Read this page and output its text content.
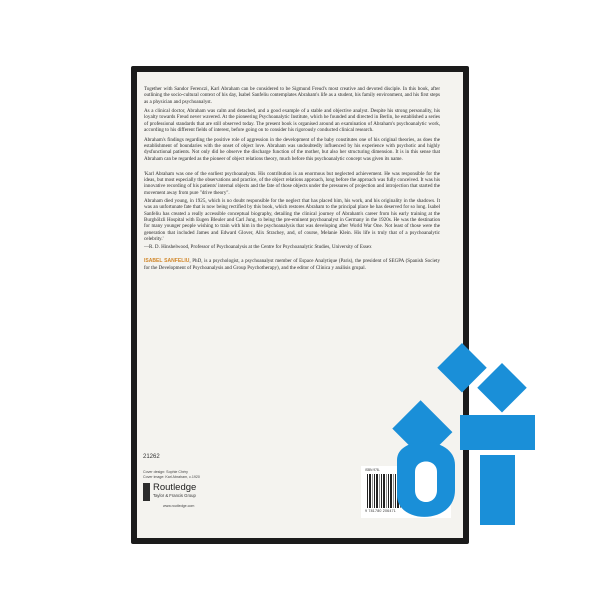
Together with Sandor Ferenczi, Karl Abraham can be considered to be Sigmund Freud's most creative and devoted disciple. In this book, after outlining the socio-cultural context of his day, Isabel Sanfeliu contemplates Abraham's life as a student, his family environment, and his first steps as a physician and psychoanalyst.

As a clinical doctor, Abraham was calm and detached, and a good example of a stable and objective analyst. Despite his strong personality, his loyalty towards Freud never wavered. At the pioneering Psychoanalytic Institute, which he founded and directed in Berlin, he established a series of professional standards that are still observed today. The present book is organised around an examination of Abraham's psychoanalytic work, according to his different fields of interest, before going on to consider his rigorously conducted clinical research.

Abraham's findings regarding the positive role of aggression in the development of the baby constitutes one of his original theories, as does the establishment of boundaries with the onset of object love. Abraham was undoubtedly influenced by his experience with psychotic and highly dysfunctional patients. Not only did he observe the discharge function of the mother, but also her structuring dimension. It is in this sense that Abraham can be regarded as the pioneer of object relations theory, much before this psychoanalytic concept was given its name.

'Karl Abraham was one of the earliest psychoanalysts. His contribution is an enormous but neglected achievement. He was responsible for the ideas, but most especially the observations and practice, of the object relations approach, long before the approach was fully conceived. It was his innovative recording of his patients' internal objects and the fate of those objects under the pressures of projection and introjection that started the movement away from pure "drive theory".

Abraham died young, in 1925, which is no doubt responsible for the neglect that has placed him, his work, and his originality in the shadows. It was an unfortunate fate that is now being rectified by this book, which restores Abraham to the principal place he has deserved for so long. Isabel Sanfeliu has created a really accessible conceptual biography, detailing the clinical journey of Abraham's career from his early training at the Burghölzli Hospital with Eugen Bleuler and Carl Jung, to being the pre-eminent psychoanalyst in Germany in the 1920s. He was the destination for many younger people wishing to train with him in the psychoanalysis that was developing after World War One. Not least of those were the generation that included James and Edward Glover, Alix Strachey, and, of course, Melanie Klein. His life is truly that of a psychoanalytic celebrity.'

—R. D. Hinshelwood, Professor of Psychoanalysis at the Centre for Psychoanalytic Studies, University of Essex

ISABEL SANFELIU, PhD, is a psychologist, a psychoanalyst member of Espace Analytique (Paris), the president of SEGPA (Spanish Society for the Development of Psychoanalysis and Group Psychotherapy), and the editor of Clínica y análisis grupal.

21262
Cover design: Sophie Chéry
Cover image: Karl Abraham, c.1920
Routledge
Taylor & Francis Group
www.routledge.com
ISBN 978-
9 781780 206471
